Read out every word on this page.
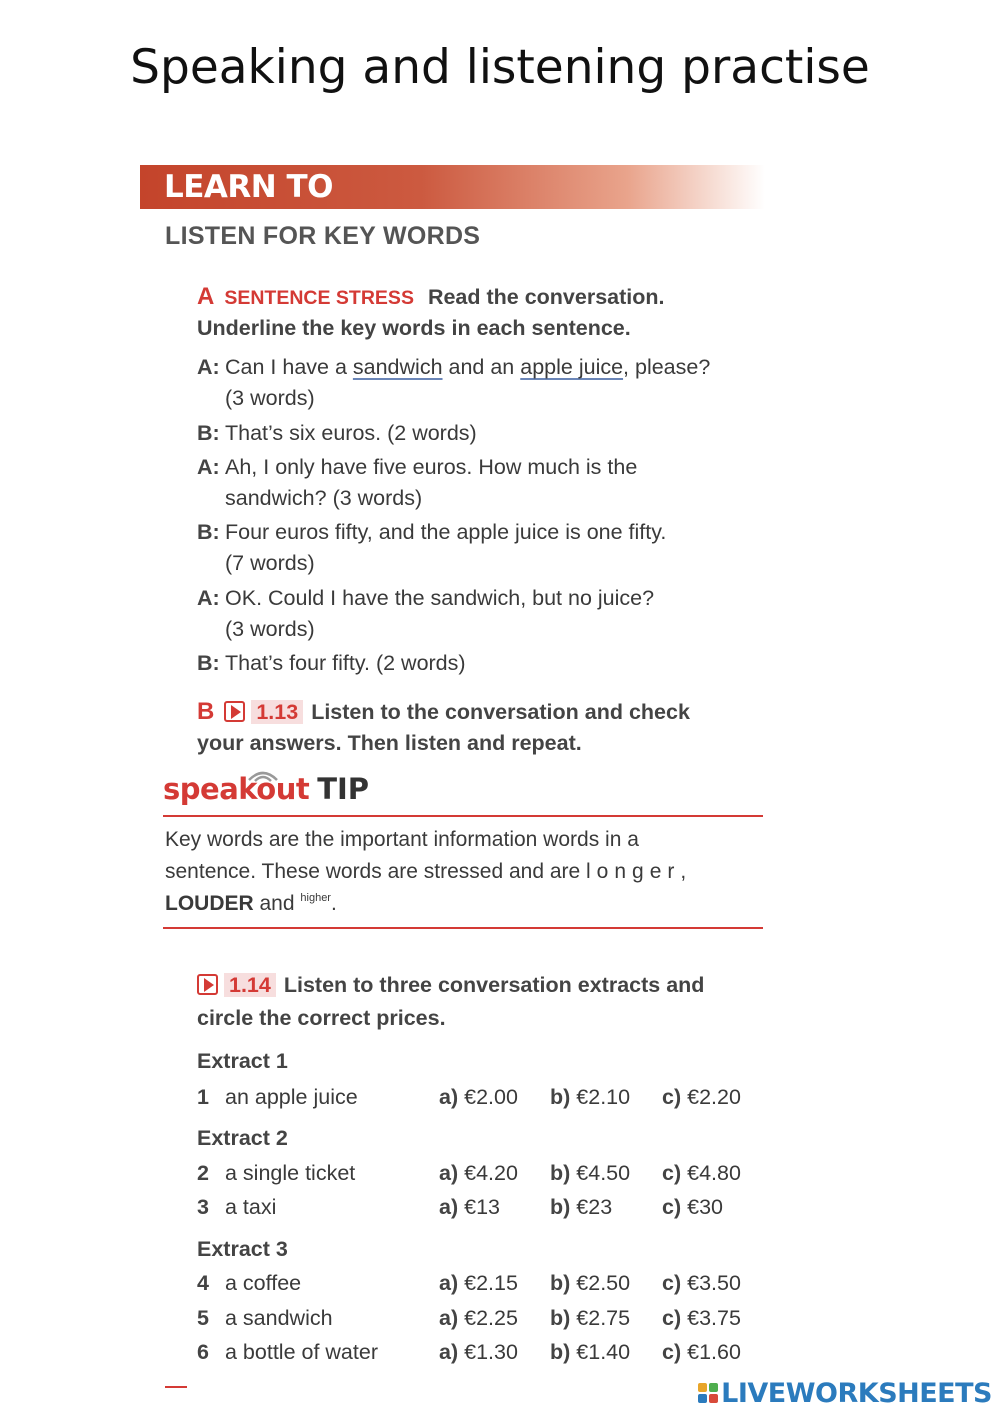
Speaking and listening practise
LEARN TO
LISTEN FOR KEY WORDS
A SENTENCE STRESS Read the conversation.
Underline the key words in each sentence.
A: Can I have a sandwich and an apple juice, please?
(3 words)
B: That’s six euros. (2 words)
A: Ah, I only have five euros. How much is the
sandwich? (3 words)
B: Four euros fifty, and the apple juice is one fifty.
(7 words)
A: OK. Could I have the sandwich, but no juice?
(3 words)
B: That’s four fifty. (2 words)
B 1.13 Listen to the conversation and check
your answers. Then listen and repeat.
speakout TIP
Key words are the important information words in a
sentence. These words are stressed and are longer,
LOUDER and $^{higher}$.
1.14 Listen to three conversation extracts and
circle the correct prices.
Extract 1
1 an apple juice	a) €2.00 b) €2.10 c) €2.20
Extract 2
2 a single ticket	a) €4.20 b) €4.50 c) €4.80
3 a taxi	a) €13 b) €23 c) €30
Extract 3
4 a coffee	a) €2.15 b) €2.50 c) €3.50
5 a sandwich	a) €2.25 b) €2.75 c) €3.75
6 a bottle of water	a) €1.30 b) €1.40 c) €1.60
LIVEWORKSHEETS
